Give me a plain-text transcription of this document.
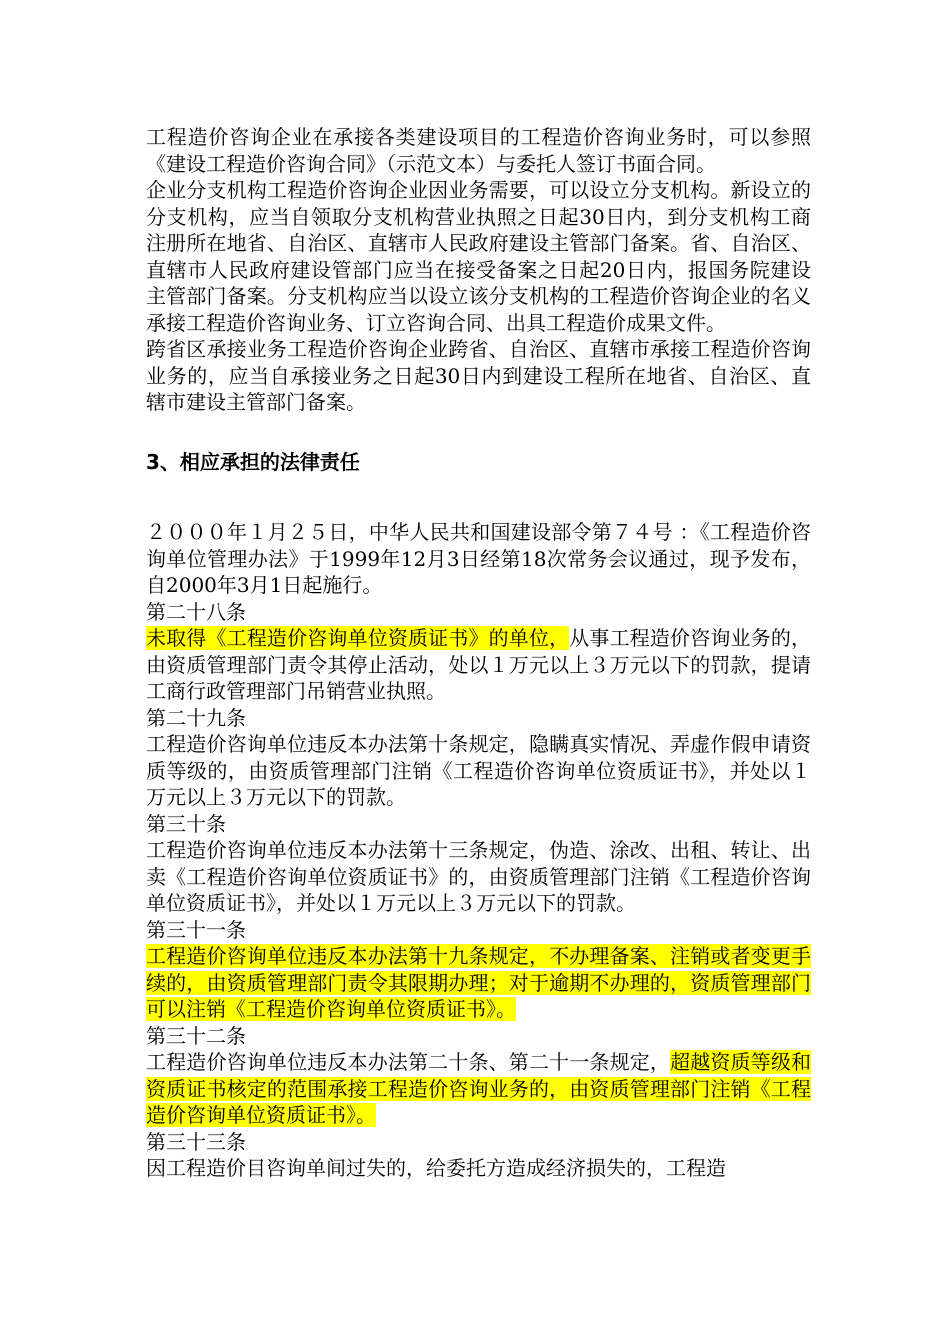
工程造价咨询企业在承接各类建设项目的工程造价咨询业务时，可以参照《建设工程造价咨询合同》（示范文本）与委托人签订书面合同。

企业分支机构工程造价咨询企业因业务需要，可以设立分支机构。新设立的分支机构，应当自领取分支机构营业执照之日起30日内，到分支机构工商注册所在地省、自治区、直辖市人民政府建设主管部门备案。省、自治区、直辖市人民政府建设管部门应当在接受备案之日起20日内，报国务院建设主管部门备案。分支机构应当以设立该分支机构的工程造价咨询企业的名义承接工程造价咨询业务、订立咨询合同、出具工程造价成果文件。

跨省区承接业务工程造价咨询企业跨省、自治区、直辖市承接工程造价咨询业务的，应当自承接业务之日起30日内到建设工程所在地省、自治区、直辖市建设主管部门备案。

3、相应承担的法律责任

２０００年１月２５日，中华人民共和国建设部令第７４号 ：《工程造价咨询单位管理办法》于1999年12月3日经第18次常务会议通过，现予发布，自2000年3月1日起施行。

第二十八条

未取得《工程造价咨询单位资质证书》的单位，从事工程造价咨询业务的，由资质管理部门责令其停止活动，处以１万元以上３万元以下的罚款，提请工商行政管理部门吊销营业执照。

第二十九条

工程造价咨询单位违反本办法第十条规定，隐瞒真实情况、弄虚作假申请资质等级的，由资质管理部门注销《工程造价咨询单位资质证书》，并处以１万元以上３万元以下的罚款。

第三十条

工程造价咨询单位违反本办法第十三条规定，伪造、涂改、出租、转让、出卖《工程造价咨询单位资质证书》的，由资质管理部门注销《工程造价咨询单位资质证书》，并处以１万元以上３万元以下的罚款。

第三十一条

工程造价咨询单位违反本办法第十九条规定，不办理备案、注销或者变更手续的，由资质管理部门责令其限期办理；对于逾期不办理的，资质管理部门可以注销《工程造价咨询单位资质证书》。

第三十二条

工程造价咨询单位违反本办法第二十条、第二十一条规定，超越资质等级和资质证书核定的范围承接工程造价咨询业务的，由资质管理部门注销《工程造价咨询单位资质证书》。

第三十三条

因工程造价目咨询单间过失的，给委托方造成经济损失的，工程造
